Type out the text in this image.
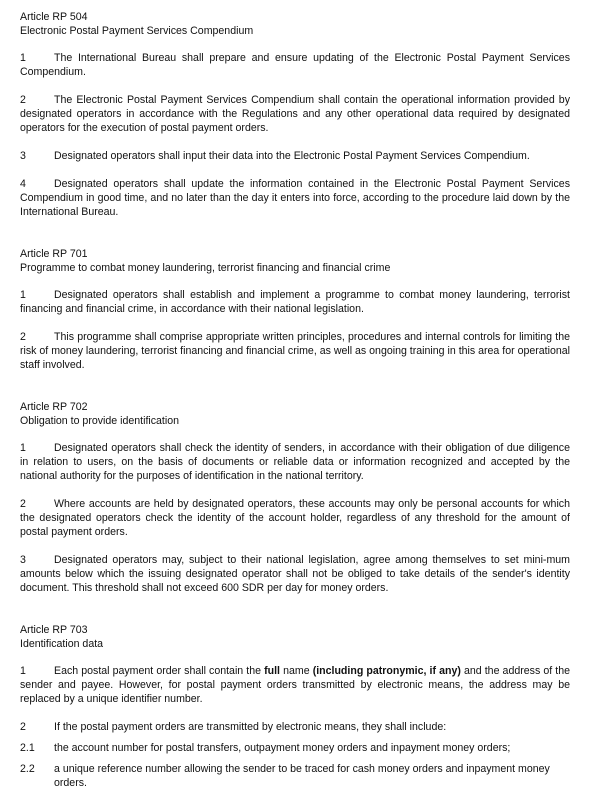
Article RP 504

Electronic Postal Payment Services Compendium

1	The International Bureau shall prepare and ensure updating of the Electronic Postal Payment Services Compendium.

2	The Electronic Postal Payment Services Compendium shall contain the operational information provided by designated operators in accordance with the Regulations and any other operational data required by designated operators for the execution of postal payment orders.

3	Designated operators shall input their data into the Electronic Postal Payment Services Compendium.

4	Designated operators shall update the information contained in the Electronic Postal Payment Services Compendium in good time, and no later than the day it enters into force, according to the procedure laid down by the International Bureau.

Article RP 701

Programme to combat money laundering, terrorist financing and financial crime

1	Designated operators shall establish and implement a programme to combat money laundering, terrorist financing and financial crime, in accordance with their national legislation.

2	This programme shall comprise appropriate written principles, procedures and internal controls for limiting the risk of money laundering, terrorist financing and financial crime, as well as ongoing training in this area for operational staff involved.

Article RP 702

Obligation to provide identification

1	Designated operators shall check the identity of senders, in accordance with their obligation of due diligence in relation to users, on the basis of documents or reliable data or information recognized and accepted by the national authority for the purposes of identification in the national territory.

2	Where accounts are held by designated operators, these accounts may only be personal accounts for which the designated operators check the identity of the account holder, regardless of any threshold for the amount of postal payment orders.

3	Designated operators may, subject to their national legislation, agree among themselves to set mini-mum amounts below which the issuing designated operator shall not be obliged to take details of the sender's identity document. This threshold shall not exceed 600 SDR per day for money orders.

Article RP 703

Identification data

1	Each postal payment order shall contain the full name (including patronymic, if any) and the address of the sender and payee. However, for postal payment orders transmitted by electronic means, the address may be replaced by a unique identifier number.

2	If the postal payment orders are transmitted by electronic means, they shall include:

2.1	the account number for postal transfers, outpayment money orders and inpayment money orders;
2.2	a unique reference number allowing the sender to be traced for cash money orders and inpayment money orders.
